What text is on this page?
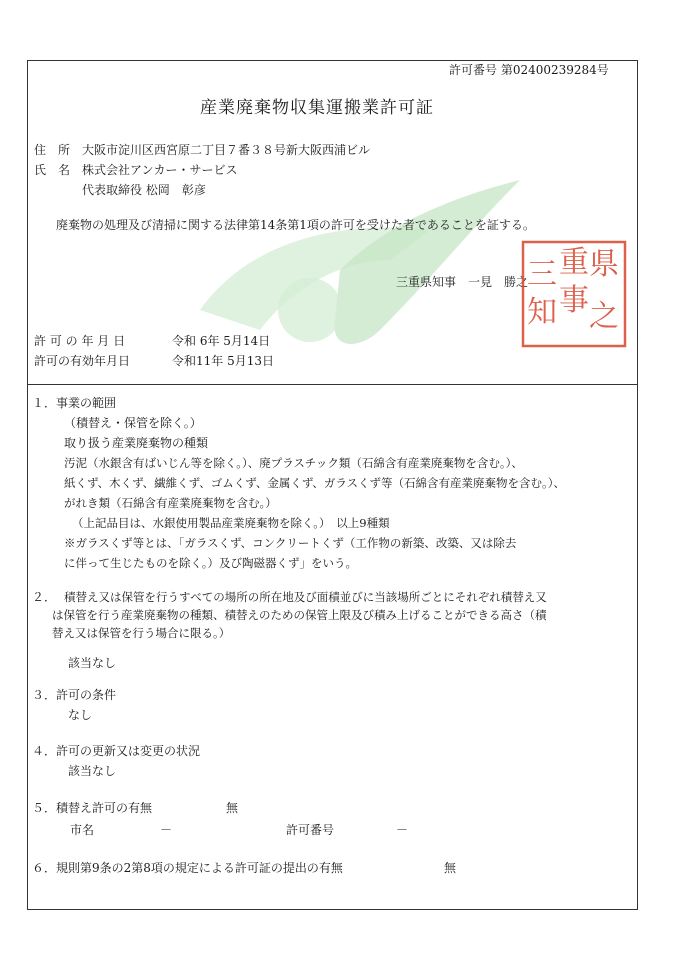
許可番号 第02400239284号
産業廃棄物収集運搬業許可証
住　所 大阪市淀川区西宮原二丁目７番３８号新大阪西浦ビル
氏　名 株式会社アンカー・サービス
代表取締役 松岡　彰彦
廃棄物の処理及び清掃に関する法律第14条第1項の許可を受けた者であることを証する。
三重県知事　一見　勝之 県
三 重
知 事 之
許 可 の 年 月 日	令和 6年 5月14日
許可の有効年月日	令和11年 5月13日
１．事業の範囲
（積替え・保管を除く。）
取り扱う産業廃棄物の種類
汚泥（水銀含有ばいじん等を除く。）、廃プラスチック類（石綿含有産業廃棄物を含む。）、
紙くず、木くず、繊維くず、ゴムくず、金属くず、ガラスくず等（石綿含有産業廃棄物を含む。）、
がれき類（石綿含有産業廃棄物を含む。）
（上記品目は、水銀使用製品産業廃棄物を除く。）　以上9種類
※ガラスくず等とは、「ガラスくず、コンクリートくず（工作物の新築、改築、又は除去
に伴って生じたものを除く。）及び陶磁器くず」をいう。
２． 積替え又は保管を行うすべての場所の所在地及び面積並びに当該場所ごとにそれぞれ積替え又
は保管を行う産業廃棄物の種類、積替えのための保管上限及び積み上げることができる高さ（積
替え又は保管を行う場合に限る。）
該当なし
３．許可の条件
なし
４．許可の更新又は変更の状況
該当なし
５．積替え許可の有無	無
市名	－	許可番号	－
６．規則第9条の2第8項の規定による許可証の提出の有無	無
